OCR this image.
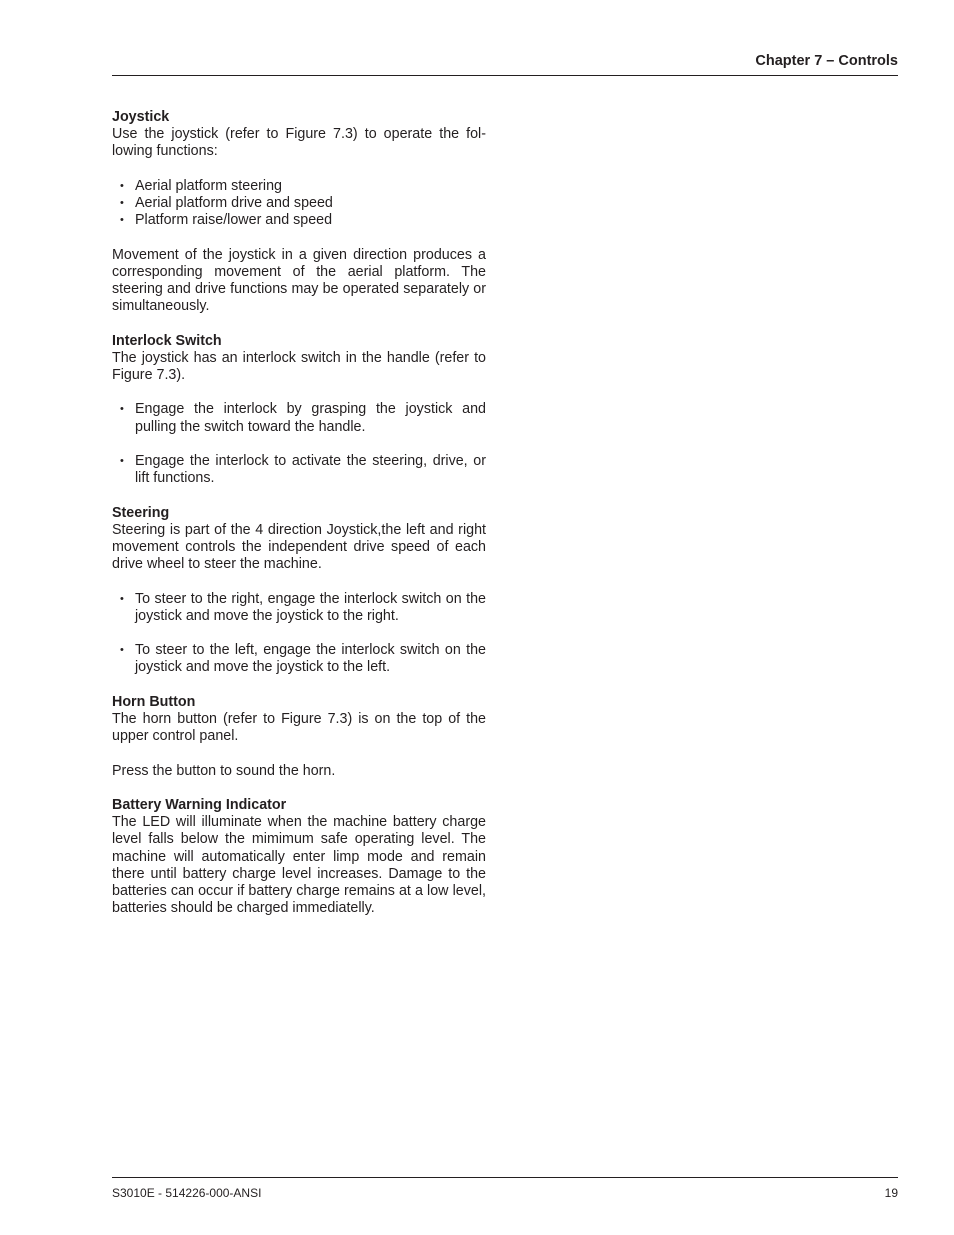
Chapter 7 – Controls
Joystick

Use the joystick (refer to Figure 7.3) to operate the fol-lowing functions:

• Aerial platform steering
• Aerial platform drive and speed
• Platform raise/lower and speed

Movement of the joystick in a given direction produces a corresponding movement of the aerial platform. The steering and drive functions may be operated separately or simultaneously.

Interlock Switch

The joystick has an interlock switch in the handle (refer to Figure 7.3).

• Engage the interlock by grasping the joystick and pulling the switch toward the handle.
• Engage the interlock to activate the steering, drive, or lift functions.
Steering

Steering is part of the 4 direction Joystick,the left and right movement controls the independent drive speed of each drive wheel to steer the machine.

• To steer to the right, engage the interlock switch on the joystick and move the joystick to the right.
• To steer to the left, engage the interlock switch on the joystick and move the joystick to the left.
Horn Button

The horn button (refer to Figure 7.3) is on the top of the upper control panel.

Press the button to sound the horn.

Battery Warning Indicator

The LED will illuminate when the machine battery charge level falls below the mimimum safe operating level. The machine will automatically enter limp mode and remain there until battery charge level increases. Damage to the batteries can occur if battery charge remains at a low level, batteries should be charged immediatelly.

S3010E - 514226-000-ANSI	19
